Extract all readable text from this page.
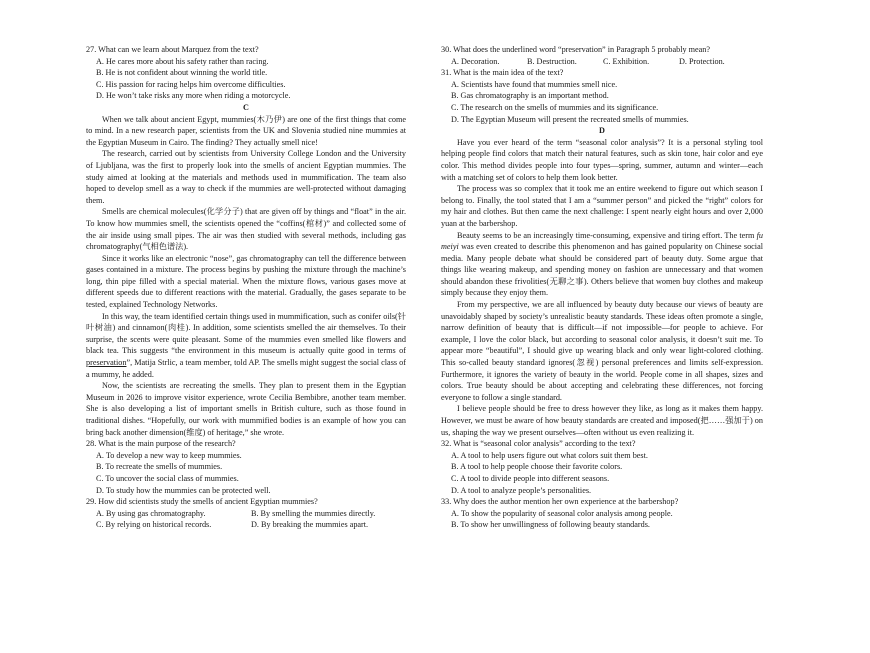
27. What can we learn about Marquez from the text?

A. He cares more about his safety rather than racing.

B. He is not confident about winning the world title.

C. His passion for racing helps him overcome difficulties.

D. He won’t take risks any more when riding a motorcycle.

C

When we talk about ancient Egypt, mummies(木乃伊) are one of the first things that come to mind. In a new research paper, scientists from the UK and Slovenia studied nine mummies at the Egyptian Museum in Cairo. The finding? They actually smell nice!

The research, carried out by scientists from University College London and the University of Ljubljana, was the first to properly look into the smells of ancient Egyptian mummies. The study aimed at looking at the materials and methods used in mummification. The team also hoped to develop smell as a way to check if the mummies are well-protected without damaging them.

Smells are chemical molecules(化学分子) that are given off by things and “float” in the air. To know how mummies smell, the scientists opened the “coffins(棺材)” and collected some of the air inside using small pipes. The air was then studied with several methods, including gas chromatography(气相色谱法).

Since it works like an electronic “nose”, gas chromatography can tell the difference between gases contained in a mixture. The process begins by pushing the mixture through the machine’s long, thin pipe filled with a special material. When the mixture flows, various gases move at different speeds due to different reactions with the material. Gradually, the gases separate to be tested, explained Technology Networks.

In this way, the team identified certain things used in mummification, such as conifer oils(针叶树油) and cinnamon(肉桂). In addition, some scientists smelled the air themselves. To their surprise, the scents were quite pleasant. Some of the mummies even smelled like flowers and black tea. This suggests “the environment in this museum is actually quite good in terms of preservation”, Matija Strlic, a team member, told AP. The smells might suggest the social class of a mummy, he added.

Now, the scientists are recreating the smells. They plan to present them in the Egyptian Museum in 2026 to improve visitor experience, wrote Cecilia Bembibre, another team member. She is also developing a list of important smells in British culture, such as those found in traditional dishes. “Hopefully, our work with mummified bodies is an example of how you can bring back another dimension(维度) of heritage,” she wrote.

28. What is the main purpose of the research?

A. To develop a new way to keep mummies.

B. To recreate the smells of mummies.

C. To uncover the social class of mummies.

D. To study how the mummies can be protected well.

29. How did scientists study the smells of ancient Egyptian mummies?

A. By using gas chromatography.	B. By smelling the mummies directly.
C. By relying on historical records.	D. By breaking the mummies apart.

30. What does the underlined word “preservation” in Paragraph 5 probably mean?

A. Decoration.	B. Destruction.	C. Exhibition.	D. Protection.

31. What is the main idea of the text?

A. Scientists have found that mummies smell nice.

B. Gas chromatography is an important method.

C. The research on the smells of mummies and its significance.

D. The Egyptian Museum will present the recreated smells of mummies.

D

Have you ever heard of the term “seasonal color analysis”? It is a personal styling tool helping people find colors that match their natural features, such as skin tone, hair color and eye color. This method divides people into four types—spring, summer, autumn and winter—each with a matching set of colors to help them look better.

The process was so complex that it took me an entire weekend to figure out which season I belong to. Finally, the tool stated that I am a “summer person” and picked the “right” colors for my hair and clothes. But then came the next challenge: I spent nearly eight hours and over 2,000 yuan at the barbershop.

Beauty seems to be an increasingly time-consuming, expensive and tiring effort. The term fu meiyi was even created to describe this phenomenon and has gained popularity on Chinese social media. Many people debate what should be considered part of beauty duty. Some argue that things like wearing makeup, and spending money on fashion are unnecessary and that women should abandon these frivolities(无聊之事). Others believe that women buy clothes and makeup simply because they enjoy them.

From my perspective, we are all influenced by beauty duty because our views of beauty are unavoidably shaped by society’s unrealistic beauty standards. These ideas often promote a single, narrow definition of beauty that is difficult—if not impossible—for people to achieve. For example, I love the color black, but according to seasonal color analysis, it doesn’t suit me. To appear more “beautiful”, I should give up wearing black and only wear light-colored clothing. This so-called beauty standard ignores(忽视) personal preferences and limits self-expression. Furthermore, it ignores the variety of beauty in the world. People come in all shapes, sizes and colors. True beauty should be about accepting and celebrating these differences, not forcing everyone to follow a single standard.

I believe people should be free to dress however they like, as long as it makes them happy. However, we must be aware of how beauty standards are created and imposed(把……强加于) on us, shaping the way we present ourselves—often without us even realizing it.

32. What is “seasonal color analysis” according to the text?

A. A tool to help users figure out what colors suit them best.

B. A tool to help people choose their favorite colors.

C. A tool to divide people into different seasons.

D. A tool to analyze people’s personalities.

33. Why does the author mention her own experience at the barbershop?

A. To show the popularity of seasonal color analysis among people.

B. To show her unwillingness of following beauty standards.
